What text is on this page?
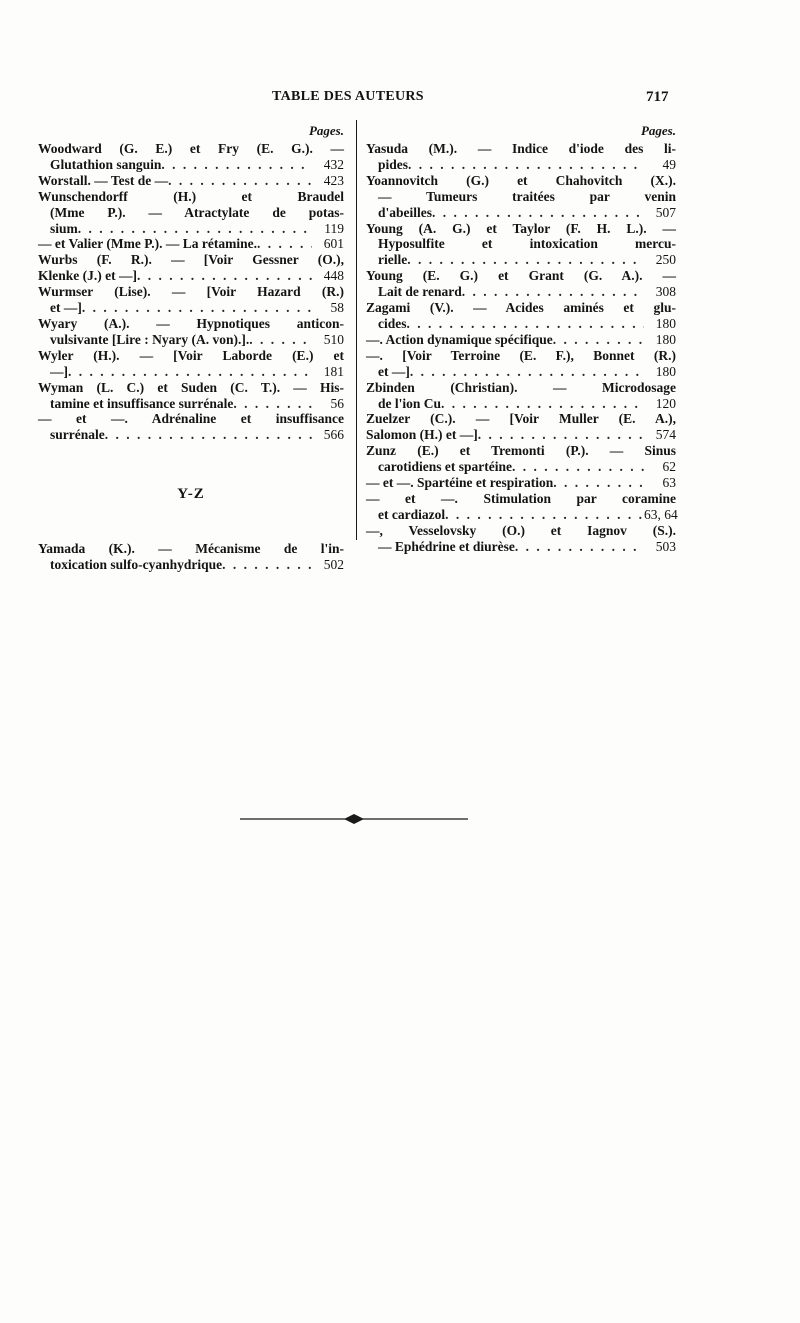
TABLE DES AUTEURS	717
Pages.
Woodward (G. E.) et Fry (E. G.). —
Glutathion sanguin . . .	432
Worstall. — Test de — . . .	423
Wunschendorff (H.) et Braudel
(Mme P.). — Atractylate de potas-
sium . . .	119
— et Valier (Mme P.). — La rétamine. . . .	601
Wurbs (F. R.). — [Voir Gessner (O.),
Klenke (J.) et —] . . .	448
Wurmser (Lise). — [Voir Hazard (R.)
et —] . . .	58
Wyary (A.). — Hypnotiques anticon-
vulsivante [Lire : Nyary (A. von).]. . . .	510
Wyler (H.). — [Voir Laborde (E.) et
—] . . .	181
Wyman (L. C.) et Suden (C. T.). — His-
tamine et insuffisance surrénale . . .	56
— et —. Adrénaline et insuffisance
surrénale . . .	566
Y-Z
Yamada (K.). — Mécanisme de l'in-
toxication sulfo-cyanhydrique . . .	502
Pages.
Yasuda (M.). — Indice d'iode des li-
pides . . .	49
Yoannovitch (G.) et Chahovitch (X.).
— Tumeurs traitées par venin
d'abeilles . . .	507
Young (A. G.) et Taylor (F. H. L.). —
Hyposulfite et intoxication mercu-
rielle . . .	250
Young (E. G.) et Grant (G. A.). —
Lait de renard . . .	308
Zagami (V.). — Acides aminés et glu-
cides . . .	180
—. Action dynamique spécifique . . .	180
—. [Voir Terroine (E. F.), Bonnet (R.)
et —] . . .	180
Zbinden (Christian). — Microdosage
de l'ion Cu . . .	120
Zuelzer (C.). — [Voir Muller (E. A.),
Salomon (H.) et —] . . .	574
Zunz (E.) et Tremonti (P.). — Sinus
carotidiens et spartéine . . .	62
— et —. Spartéine et respiration . . .	63
— et —. Stimulation par coramine
et cardiazol . . .	63, 64
—, Vesselovsky (O.) et Iagnov (S.).
— Ephédrine et diurèse . . .	503
